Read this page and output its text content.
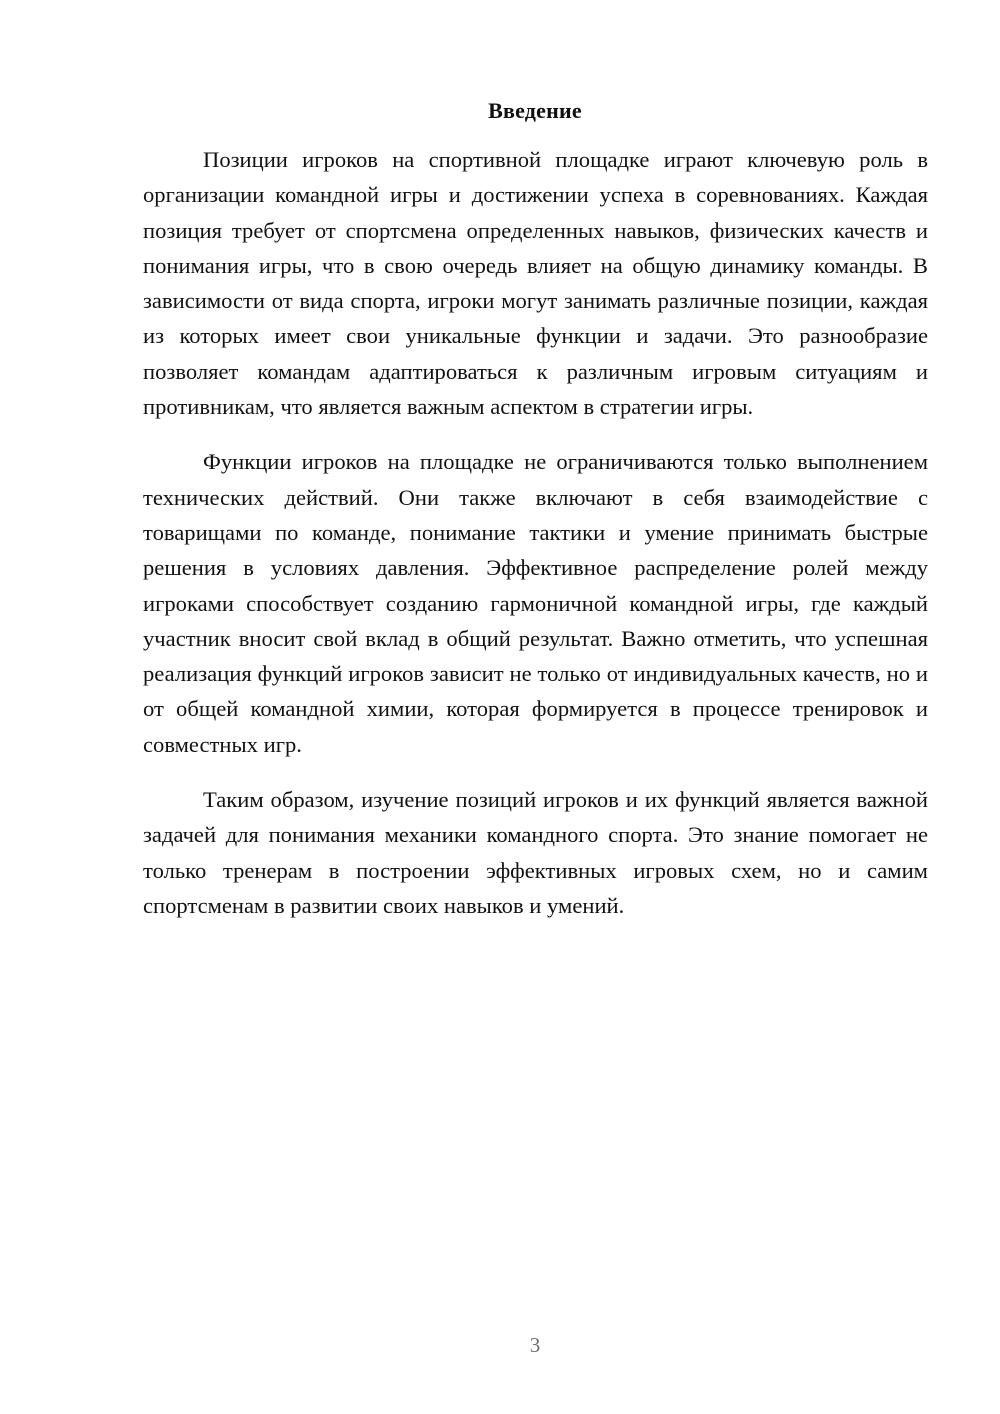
Введение

Позиции игроков на спортивной площадке играют ключевую роль в организации командной игры и достижении успеха в соревнованиях. Каждая позиция требует от спортсмена определенных навыков, физических качеств и понимания игры, что в свою очередь влияет на общую динамику команды. В зависимости от вида спорта, игроки могут занимать различные позиции, каждая из которых имеет свои уникальные функции и задачи. Это разнообразие позволяет командам адаптироваться к различным игровым ситуациям и противникам, что является важным аспектом в стратегии игры.

Функции игроков на площадке не ограничиваются только выполнением технических действий. Они также включают в себя взаимодействие с товарищами по команде, понимание тактики и умение принимать быстрые решения в условиях давления. Эффективное распределение ролей между игроками способствует созданию гармоничной командной игры, где каждый участник вносит свой вклад в общий результат. Важно отметить, что успешная реализация функций игроков зависит не только от индивидуальных качеств, но и от общей командной химии, которая формируется в процессе тренировок и совместных игр.

Таким образом, изучение позиций игроков и их функций является важной задачей для понимания механики командного спорта. Это знание помогает не только тренерам в построении эффективных игровых схем, но и самим спортсменам в развитии своих навыков и умений.

3
